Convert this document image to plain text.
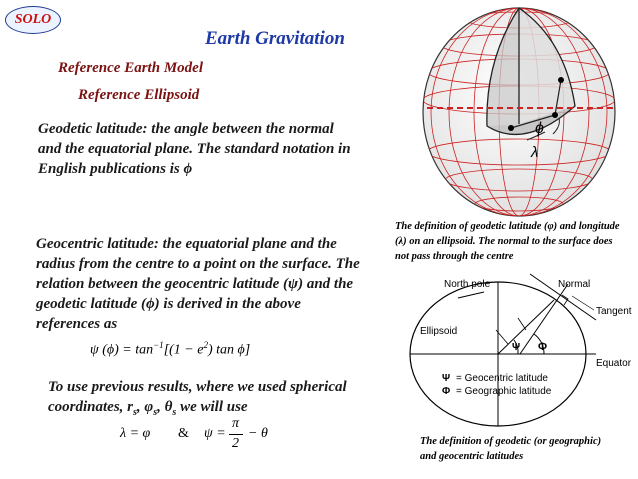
SOLO
Earth Gravitation
Reference Earth Model
Reference Ellipsoid
Geodetic latitude: the angle between the normal and the equatorial plane. The standard notation in English publications is ϕ
Geocentric latitude: the equatorial plane and the radius from the centre to a point on the surface. The relation between the geocentric latitude (ψ) and the geodetic latitude (ϕ) is derived in the above references as
ψ $(\phi) = \tan^{-1}[(1 - e^2)$ tan ϕ]
To use previous results, where we used spherical coordinates, $r_s$, $\varphi_s$, $\theta_s$ we will use
λ = φ & ψ =
π
2
− θ
λ
ϕ
The definition of geodetic latitude (φ) and longitude (λ) on an ellipsoid. The normal to the surface does not pass through the centre
Ψ Φ
North pole	Normal
Tangent
Ellipsoid
Equator
Ψ = Geocentric latitude
Φ = Geographic latitude
The definition of geodetic (or geographic) and geocentric latitudes
